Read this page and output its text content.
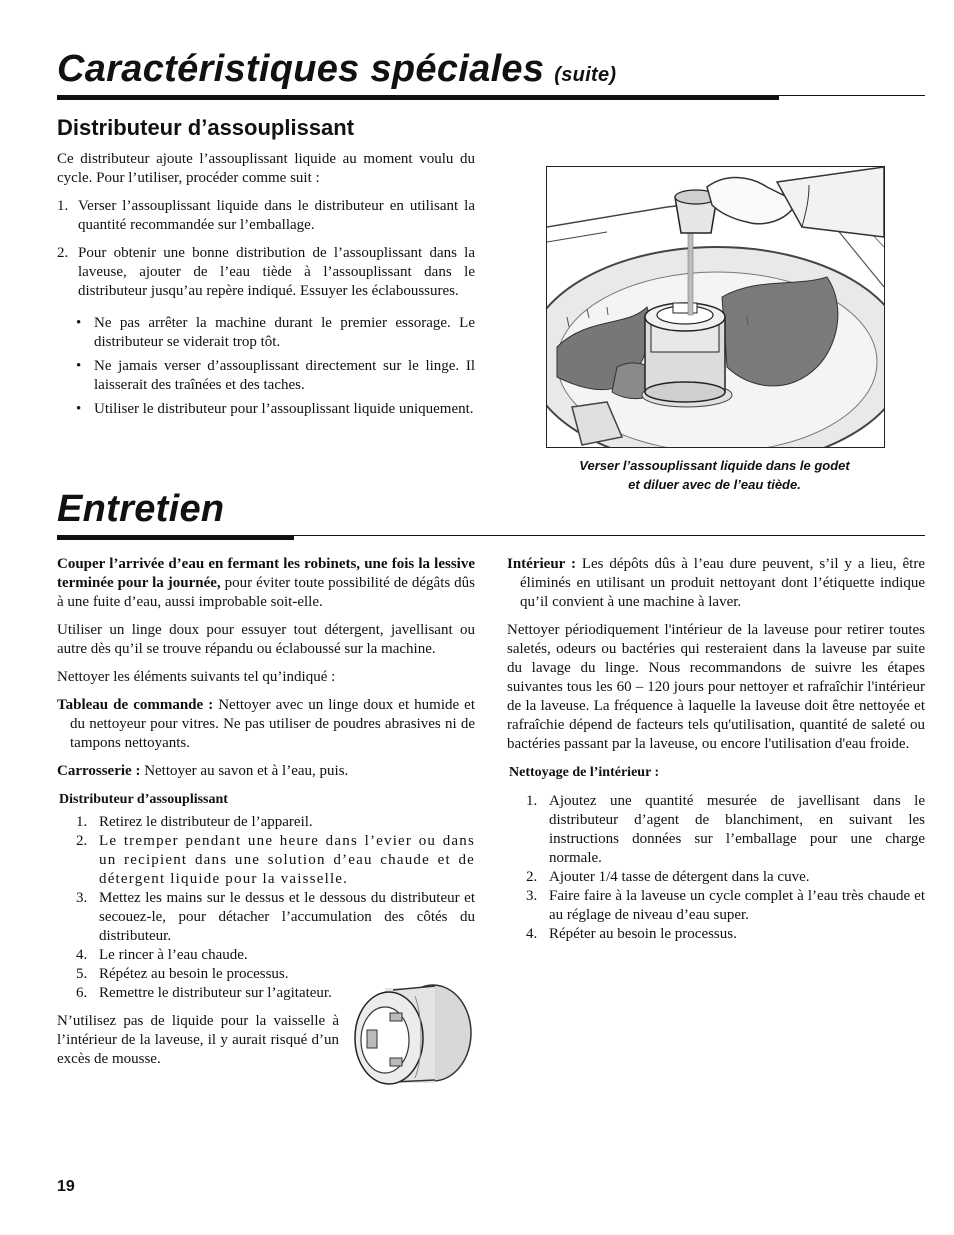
Caractéristiques spéciales (suite)
Distributeur d’assouplissant

Ce distributeur ajoute l’assouplissant liquide au moment voulu du cycle. Pour l’utiliser, procéder comme suit :

1. Verser l’assouplissant liquide dans le distributeur en utilisant la quantité recommandée sur l’emballage.
2. Pour obtenir une bonne distribution de l’assouplissant dans la laveuse, ajouter de l’eau tiède à l’assouplissant dans le distributeur jusqu’au repère indiqué. Essuyer les éclaboussures.
• Ne pas arrêter la machine durant le premier essorage. Le distributeur se viderait trop tôt.
• Ne jamais verser d’assouplissant directement sur le linge. Il laisserait des traînées et des taches.
• Utiliser le distributeur pour l’assouplissant liquide uniquement.
Verser l’assouplissant liquide dans le godet
et diluer avec de l’eau tiède.
Entretien

Couper l’arrivée d’eau en fermant les robinets, une fois la lessive terminée pour la journée, pour éviter toute possibilité de dégâts dûs à une fuite d’eau, aussi improbable soit-elle.

Utiliser un linge doux pour essuyer tout détergent, javellisant ou autre dès qu’il se trouve répandu ou éclaboussé sur la machine.

Nettoyer les éléments suivants tel qu’indiqué :

Tableau de commande : Nettoyer avec un linge doux et humide et du nettoyeur pour vitres. Ne pas utiliser de poudres abrasives ni de tampons nettoyants.

Carrosserie : Nettoyer au savon et à l’eau, puis.

Distributeur d’assouplissant
1. Retirez le distributeur de l’appareil.
2. Le tremper pendant une heure dans l’evier ou dans un recipient dans une solution d’eau chaude et de détergent liquide pour la vaisselle.
3. Mettez les mains sur le dessus et le dessous du distributeur et secouez-le, pour détacher l’accumulation des côtés du distributeur.
4. Le rincer à l’eau chaude.
5. Répétez au besoin le processus.
6. Remettre le distributeur sur l’agitateur.

N’utilisez pas de liquide pour la vaisselle à l’intérieur de la laveuse, il y aurait risqué d’un excès de mousse.

Intérieur : Les dépôts dûs à l’eau dure peuvent, s’il y a lieu, être éliminés en utilisant un produit nettoyant dont l’étiquette indique qu’il convient à une machine à laver.

Nettoyer périodiquement l'intérieur de la laveuse pour retirer toutes saletés, odeurs ou bactéries qui resteraient dans la laveuse par suite du lavage du linge. Nous recommandons de suivre les étapes suivantes tous les 60 – 120 jours pour nettoyer et rafraîchir l'intérieur de la laveuse. La fréquence à laquelle la laveuse doit être nettoyée et rafraîchie dépend de facteurs tels qu'utilisation, quantité de saleté ou bactéries passant par la laveuse, ou encore l'utilisation d'eau froide.

Nettoyage de l’intérieur :
1. Ajoutez une quantité mesurée de javellisant dans le distributeur d’agent de blanchiment, en suivant les instructions données sur l’emballage pour une charge normale.
2. Ajouter 1/4 tasse de détergent dans la cuve.
3. Faire faire à la laveuse un cycle complet à l’eau très chaude et au réglage de niveau d’eau super.
4. Répéter au besoin le processus.
19
